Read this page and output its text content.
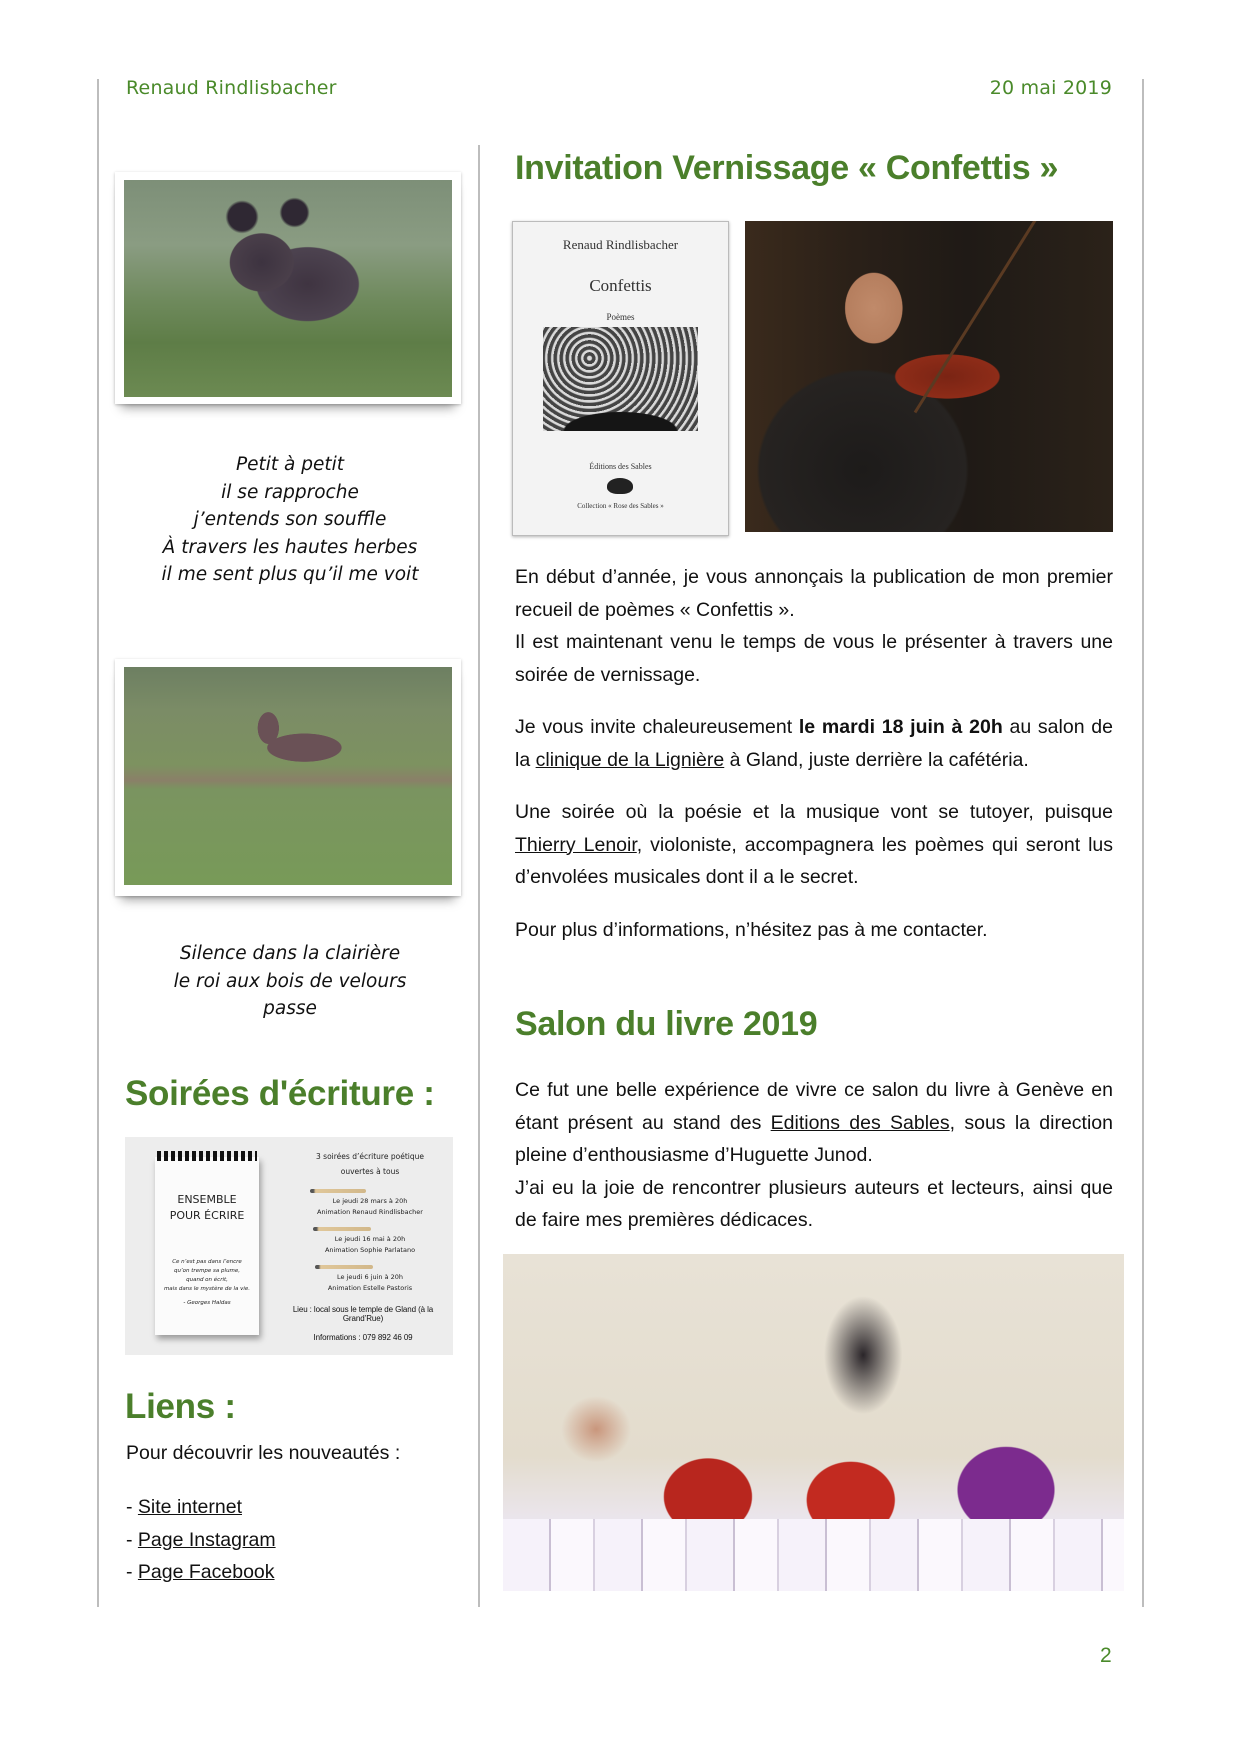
Renaud Rindlisbacher	20 mai 2019
Petit à petit
il se rapproche
j’entends son souffle
À travers les hautes herbes
il me sent plus qu’il me voit
Silence dans la clairière
le roi aux bois de velours
passe
Soirées d'écriture :
ENSEMBLE
POUR ÉCRIRE
Ce n’est pas dans l’encre
qu’on trempe sa plume,
quand on écrit,
mais dans le mystère de la vie.
- Georges Haldas
3 soirées d’écriture poétique
ouvertes à tous
Le jeudi 28 mars à 20h
Animation Renaud Rindlisbacher
Le jeudi 16 mai à 20h
Animation Sophie Parlatano
Le jeudi 6 juin à 20h
Animation Estelle Pastoris
Lieu : local sous le temple de Gland (à la Grand’Rue)
Informations : 079 892 46 09
Liens :
Pour découvrir les nouveautés :
- Site internet
- Page Instagram
- Page Facebook
Invitation Vernissage « Confettis »
Renaud Rindlisbacher
Confettis
Poèmes
Éditions des Sables
Collection « Rose des Sables »

En début d’année, je vous annonçais la publication de mon premier recueil de poèmes « Confettis ».

Il est maintenant venu le temps de vous le présenter à travers une soirée de vernissage.

Je vous invite chaleureusement le mardi 18 juin à 20h au salon de la clinique de la Lignière à Gland, juste derrière la cafétéria.

Une soirée où la poésie et la musique vont se tutoyer, puisque Thierry Lenoir, violoniste, accompagnera les poèmes qui seront lus d’envolées musicales dont il a le secret.

Pour plus d’informations, n’hésitez pas à me contacter.

Salon du livre 2019

Ce fut une belle expérience de vivre ce salon du livre à Genève en étant présent au stand des Editions des Sables, sous la direction pleine d’enthousiasme d’Huguette Junod.

J’ai eu la joie de rencontrer plusieurs auteurs et lecteurs, ainsi que de faire mes premières dédicaces.

2
